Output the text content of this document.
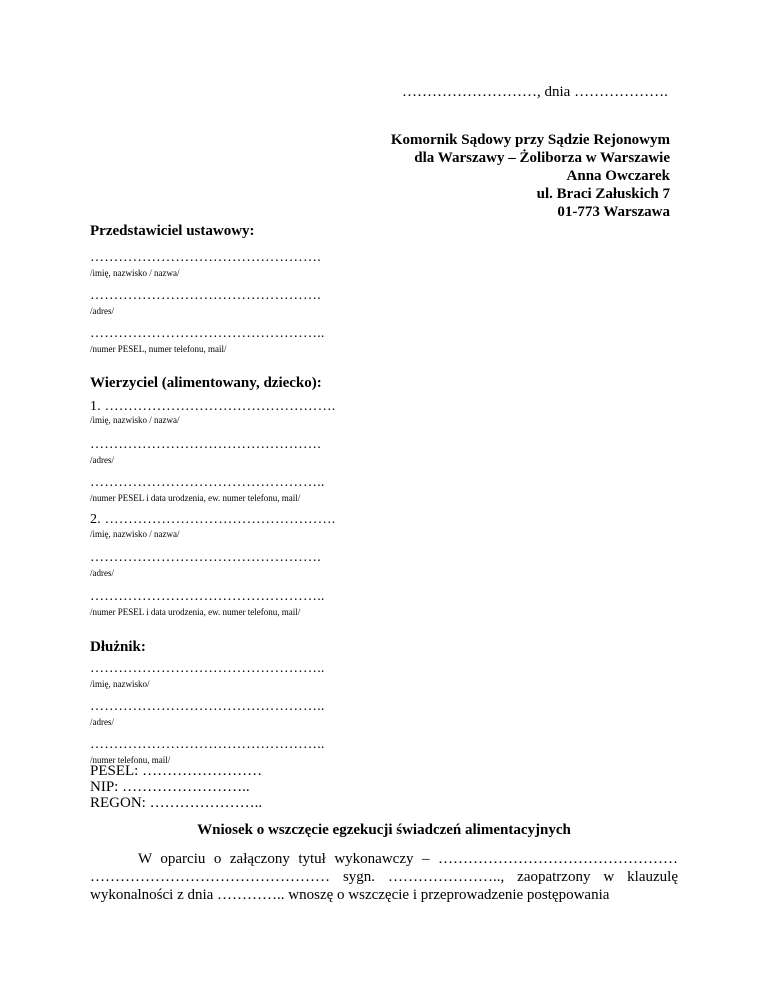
………………………, dnia ……………….
Komornik Sądowy przy Sądzie Rejonowym
dla Warszawy – Żoliborza w Warszawie
Anna Owczarek
ul. Braci Załuskich 7
01-773 Warszawa
Przedstawiciel ustawowy:
………………………………………….
/imię, nazwisko / nazwa/
………………………………………….
/adres/
…………………………………………..
/numer PESEL, numer telefonu, mail/
Wierzyciel (alimentowany, dziecko):
1. ………………………………………….
/imię, nazwisko / nazwa/
………………………………………….
/adres/
…………………………………………..
/numer PESEL i data urodzenia, ew. numer telefonu, mail/
2. ………………………………………….
/imię, nazwisko / nazwa/
………………………………………….
/adres/
…………………………………………..
/numer PESEL i data urodzenia, ew. numer telefonu, mail/
Dłużnik:
…………………………………………..
/imię, nazwisko/
…………………………………………..
/adres/
…………………………………………..
/numer telefonu, mail/
PESEL: ……………………
NIP: ……………………..
REGON: …………………..
Wniosek o wszczęcie egzekucji świadczeń alimentacyjnych
W oparciu o załączony tytuł wykonawczy – ………………………………………… ………………………………………… sygn. ………………….., zaopatrzony w klauzulę wykonalności z dnia ………….. wnoszę o wszczęcie i przeprowadzenie postępowania
